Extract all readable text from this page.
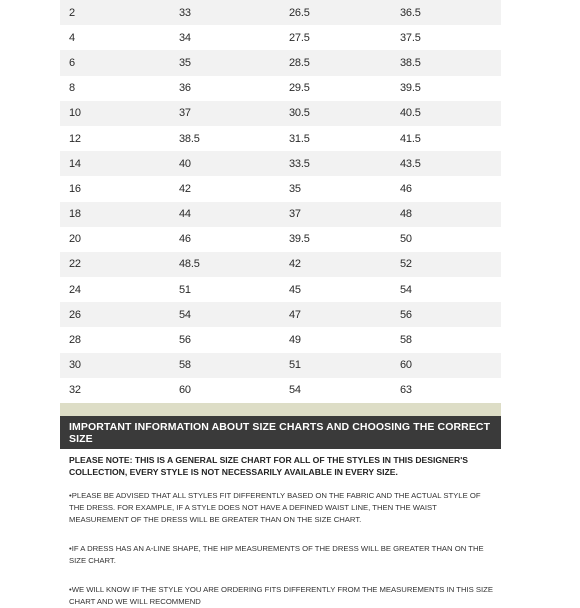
2	33	26.5	36.5
4	34	27.5	37.5
6	35	28.5	38.5
8	36	29.5	39.5
10	37	30.5	40.5
12	38.5	31.5	41.5
14	40	33.5	43.5
16	42	35	46
18	44	37	48
20	46	39.5	50
22	48.5	42	52
24	51	45	54
26	54	47	56
28	56	49	58
30	58	51	60
32	60	54	63
IMPORTANT INFORMATION ABOUT SIZE CHARTS AND CHOOSING THE CORRECT SIZE

PLEASE NOTE: THIS IS A GENERAL SIZE CHART FOR ALL OF THE STYLES IN THIS DESIGNER'S COLLECTION, EVERY STYLE IS NOT NECESSARILY AVAILABLE IN EVERY SIZE.

•PLEASE BE ADVISED THAT ALL STYLES FIT DIFFERENTLY BASED ON THE FABRIC AND THE ACTUAL STYLE OF THE DRESS. FOR EXAMPLE, IF A STYLE DOES NOT HAVE A DEFINED WAIST LINE, THEN THE WAIST MEASUREMENT OF THE DRESS WILL BE GREATER THAN ON THE SIZE CHART.

•IF A DRESS HAS AN A-LINE SHAPE, THE HIP MEASUREMENTS OF THE DRESS WILL BE GREATER THAN ON THE SIZE CHART.

•WE WILL KNOW IF THE STYLE YOU ARE ORDERING FITS DIFFERENTLY FROM THE MEASUREMENTS IN THIS SIZE CHART AND WE WILL RECOMMEND
